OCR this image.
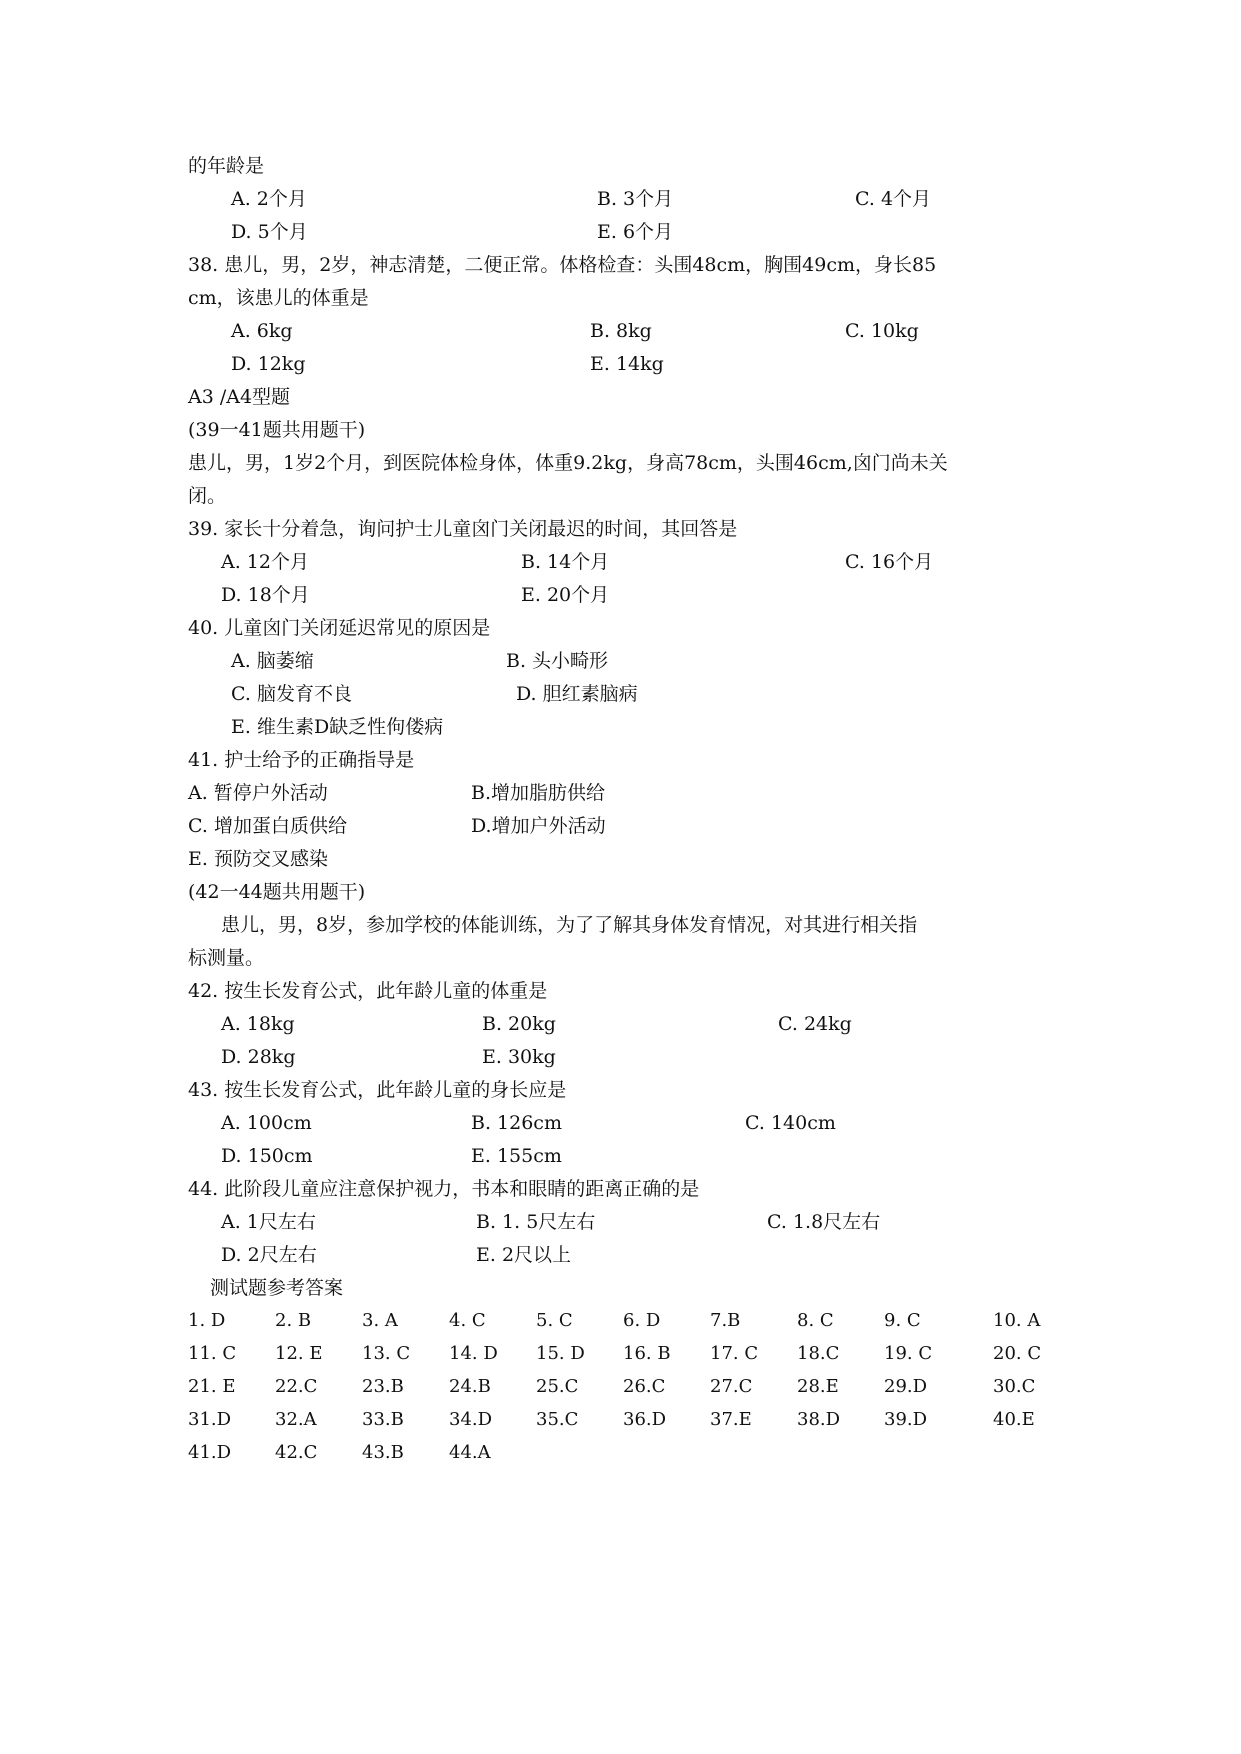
的年龄是
A. 2个月	B. 3个月	C. 4个月
D. 5个月	E. 6个月
38. 患儿，男，2岁，神志清楚，二便正常。体格检查：头围48cm，胸围49cm，身长85
cm，该患儿的体重是
A. 6kg	B. 8kg	C. 10kg
D. 12kg	E. 14kg
A3 /A4型题
(39一41题共用题干)
患儿，男，1岁2个月，到医院体检身体，体重9.2kg，身高78cm，头围46cm,囟门尚未关
闭。
39. 家长十分着急，询问护士儿童囟门关闭最迟的时间，其回答是
A. 12个月	B. 14个月	C. 16个月
D. 18个月	E. 20个月
40. 儿童囟门关闭延迟常见的原因是
A. 脑萎缩	B. 头小畸形
C. 脑发育不良	D. 胆红素脑病
E. 维生素D缺乏性佝偻病
41. 护士给予的正确指导是
A. 暂停户外活动	B.增加脂肪供给
C. 增加蛋白质供给	D.增加户外活动
E. 预防交叉感染
(42一44题共用题干)
患儿，男，8岁，参加学校的体能训练，为了了解其身体发育情况，对其进行相关指
标测量。
42. 按生长发育公式，此年龄儿童的体重是
A. 18kg	B. 20kg	C. 24kg
D. 28kg	E. 30kg
43. 按生长发育公式，此年龄儿童的身长应是
A. 100cm	B. 126cm	C. 140cm
D. 150cm	E. 155cm
44. 此阶段儿童应注意保护视力，书本和眼睛的距离正确的是
A. 1尺左右	B. 1. 5尺左右	C. 1.8尺左右
D. 2尺左右	E. 2尺以上
测试题参考答案
1. D	2. B	3. A	4. C	5. C	6. D	7.B	8. C	9. C	10. A
11. C 12. E 13. C 14. D 15. D 16. B 17. C 18.C 19. C	20. C
21. E 22.C 23.B	24.B	25.C 26.C 27.C 28.E	29.D	30.C
31.D 32.A	33.B	34.D 35.C 36.D 37.E	38.D 39.D	40.E
41.D 42.C 43.B	44.A
